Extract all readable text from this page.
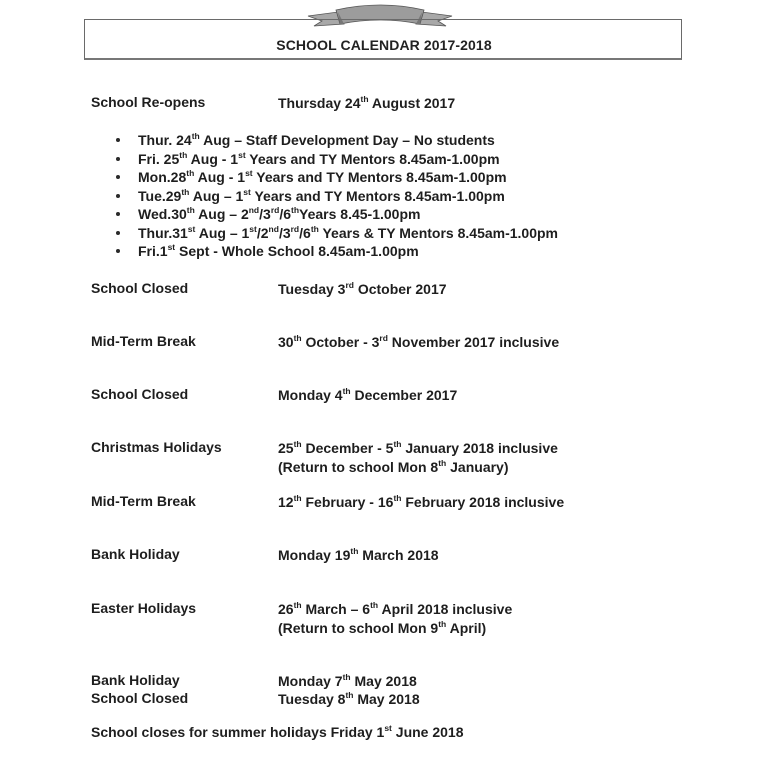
SCHOOL CALENDAR 2017-2018
School Re-opens	Thursday 24th August 2017
Thur. 24th Aug – Staff Development Day – No students
Fri. 25th Aug - 1st Years and TY Mentors 8.45am-1.00pm
Mon.28th Aug - 1st Years and TY Mentors 8.45am-1.00pm
Tue.29th Aug – 1st Years and TY Mentors 8.45am-1.00pm
Wed.30th Aug – 2nd/3rd/6thYears 8.45-1.00pm
Thur.31st Aug – 1st/2nd/3rd/6th Years & TY Mentors 8.45am-1.00pm
Fri.1st Sept - Whole School 8.45am-1.00pm
School Closed	Tuesday 3rd October 2017
Mid-Term Break	30th October - 3rd November 2017 inclusive
School Closed	Monday 4th December 2017
Christmas Holidays	25th December - 5th January 2018 inclusive
(Return to school Mon 8th January)
Mid-Term Break	12th February - 16th February 2018 inclusive
Bank Holiday	Monday 19th March 2018
Easter Holidays	26th March – 6th April 2018 inclusive
(Return to school Mon 9th April)
Bank Holiday	Monday 7th May 2018
School Closed	Tuesday 8th May 2018
School closes for summer holidays Friday 1st June 2018
